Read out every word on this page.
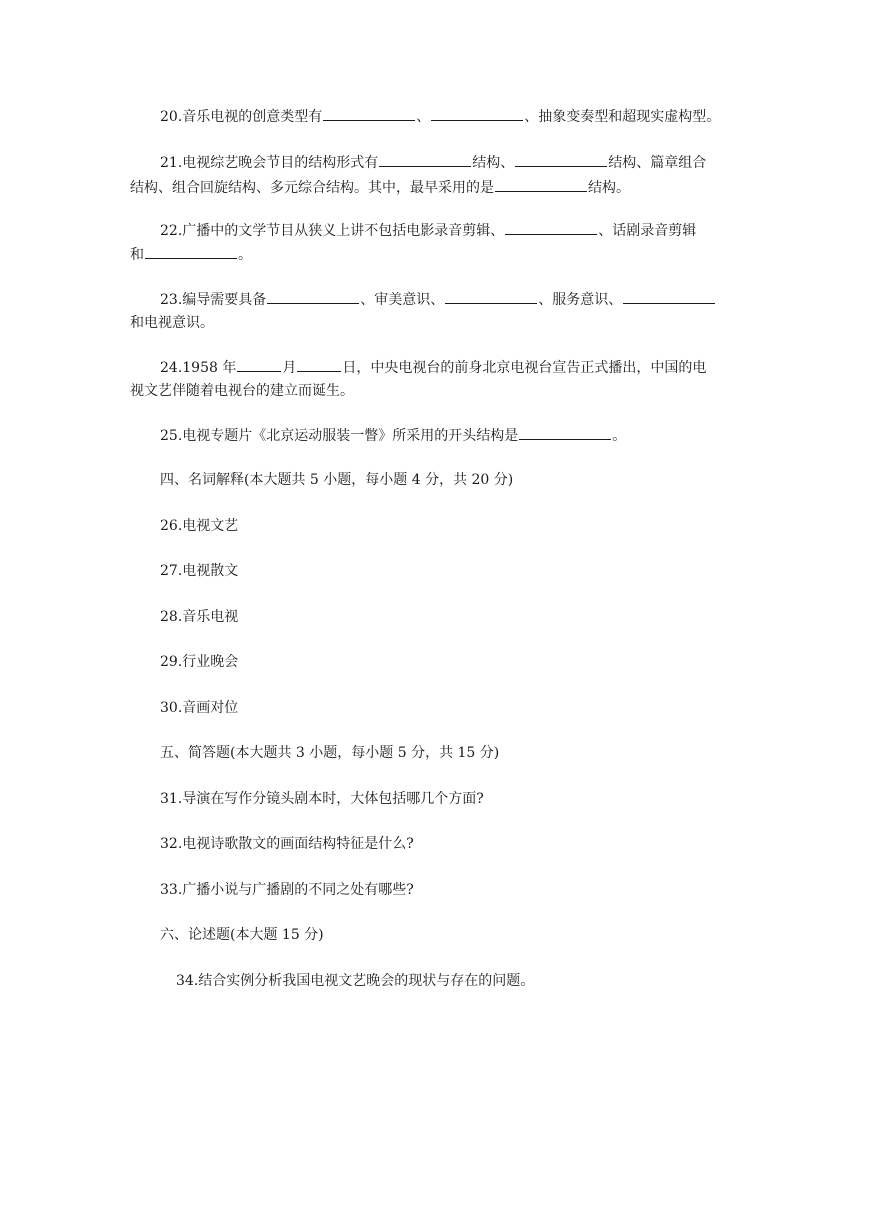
20.音乐电视的创意类型有	、	、抽象变奏型和超现实虚构型。
21.电视综艺晚会节目的结构形式有	结构、	结构、篇章组合
结构、组合回旋结构、多元综合结构。其中，最早采用的是	结构。
22.广播中的文学节目从狭义上讲不包括电影录音剪辑、	、话剧录音剪辑
和	。
23.编导需要具备	、审美意识、	、服务意识、
和电视意识。
24.1958 年	月	日，中央电视台的前身北京电视台宣告正式播出，中国的电
视文艺伴随着电视台的建立而诞生。
25.电视专题片《北京运动服装一瞥》所采用的开头结构是	。
四、名词解释(本大题共 5 小题，每小题 4 分，共 20 分)
26.电视文艺
27.电视散文
28.音乐电视
29.行业晚会
30.音画对位
五、简答题(本大题共 3 小题，每小题 5 分，共 15 分)
31.导演在写作分镜头剧本时，大体包括哪几个方面?
32.电视诗歌散文的画面结构特征是什么?
33.广播小说与广播剧的不同之处有哪些?
六、论述题(本大题 15 分)
34.结合实例分析我国电视文艺晚会的现状与存在的问题。
